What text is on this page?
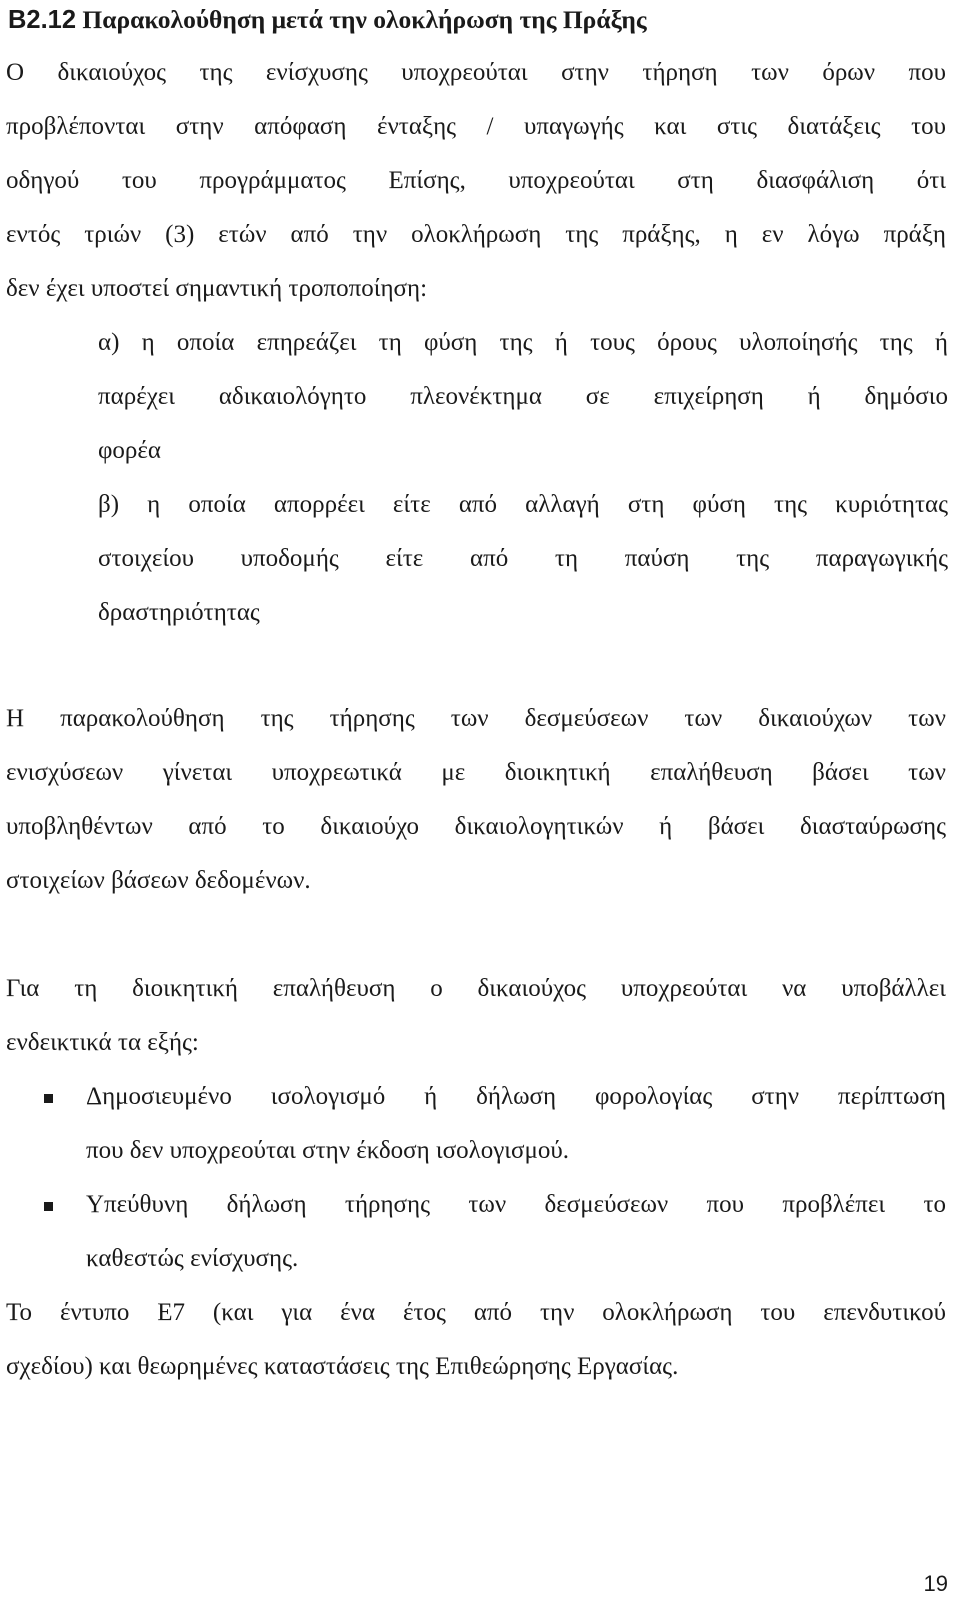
B2.12 Παρακολούθηση μετά την ολοκλήρωση της Πράξης
Ο δικαιούχος της ενίσχυσης υποχρεούται στην τήρηση των όρων που
προβλέπονται στην απόφαση ένταξης / υπαγωγής και στις διατάξεις του
οδηγού του προγράμματος Επίσης, υποχρεούται στη διασφάλιση ότι
εντός τριών (3) ετών από την ολοκλήρωση της πράξης, η εν λόγω πράξη
δεν έχει υποστεί σημαντική τροποποίηση:
α) η οποία επηρεάζει τη φύση της ή τους όρους υλοποίησής της ή
παρέχει αδικαιολόγητο πλεονέκτημα σε επιχείρηση ή δημόσιο
φορέα
β) η οποία απορρέει είτε από αλλαγή στη φύση της κυριότητας
στοιχείου υποδομής είτε από τη παύση της παραγωγικής
δραστηριότητας
Η παρακολούθηση της τήρησης των δεσμεύσεων των δικαιούχων των
ενισχύσεων γίνεται υποχρεωτικά με διοικητική επαλήθευση βάσει των
υποβληθέντων από το δικαιούχο δικαιολογητικών ή βάσει διασταύρωσης
στοιχείων βάσεων δεδομένων.
Για τη διοικητική επαλήθευση ο δικαιούχος υποχρεούται να υποβάλλει
ενδεικτικά τα εξής:
Δημοσιευμένο ισολογισμό ή δήλωση φορολογίας στην περίπτωση
που δεν υποχρεούται στην έκδοση ισολογισμού.
Υπεύθυνη δήλωση τήρησης των δεσμεύσεων που προβλέπει το
καθεστώς ενίσχυσης.
Το έντυπο Ε7 (και για ένα έτος από την ολοκλήρωση του επενδυτικού
σχεδίου) και θεωρημένες καταστάσεις της Επιθεώρησης Εργασίας.
19
